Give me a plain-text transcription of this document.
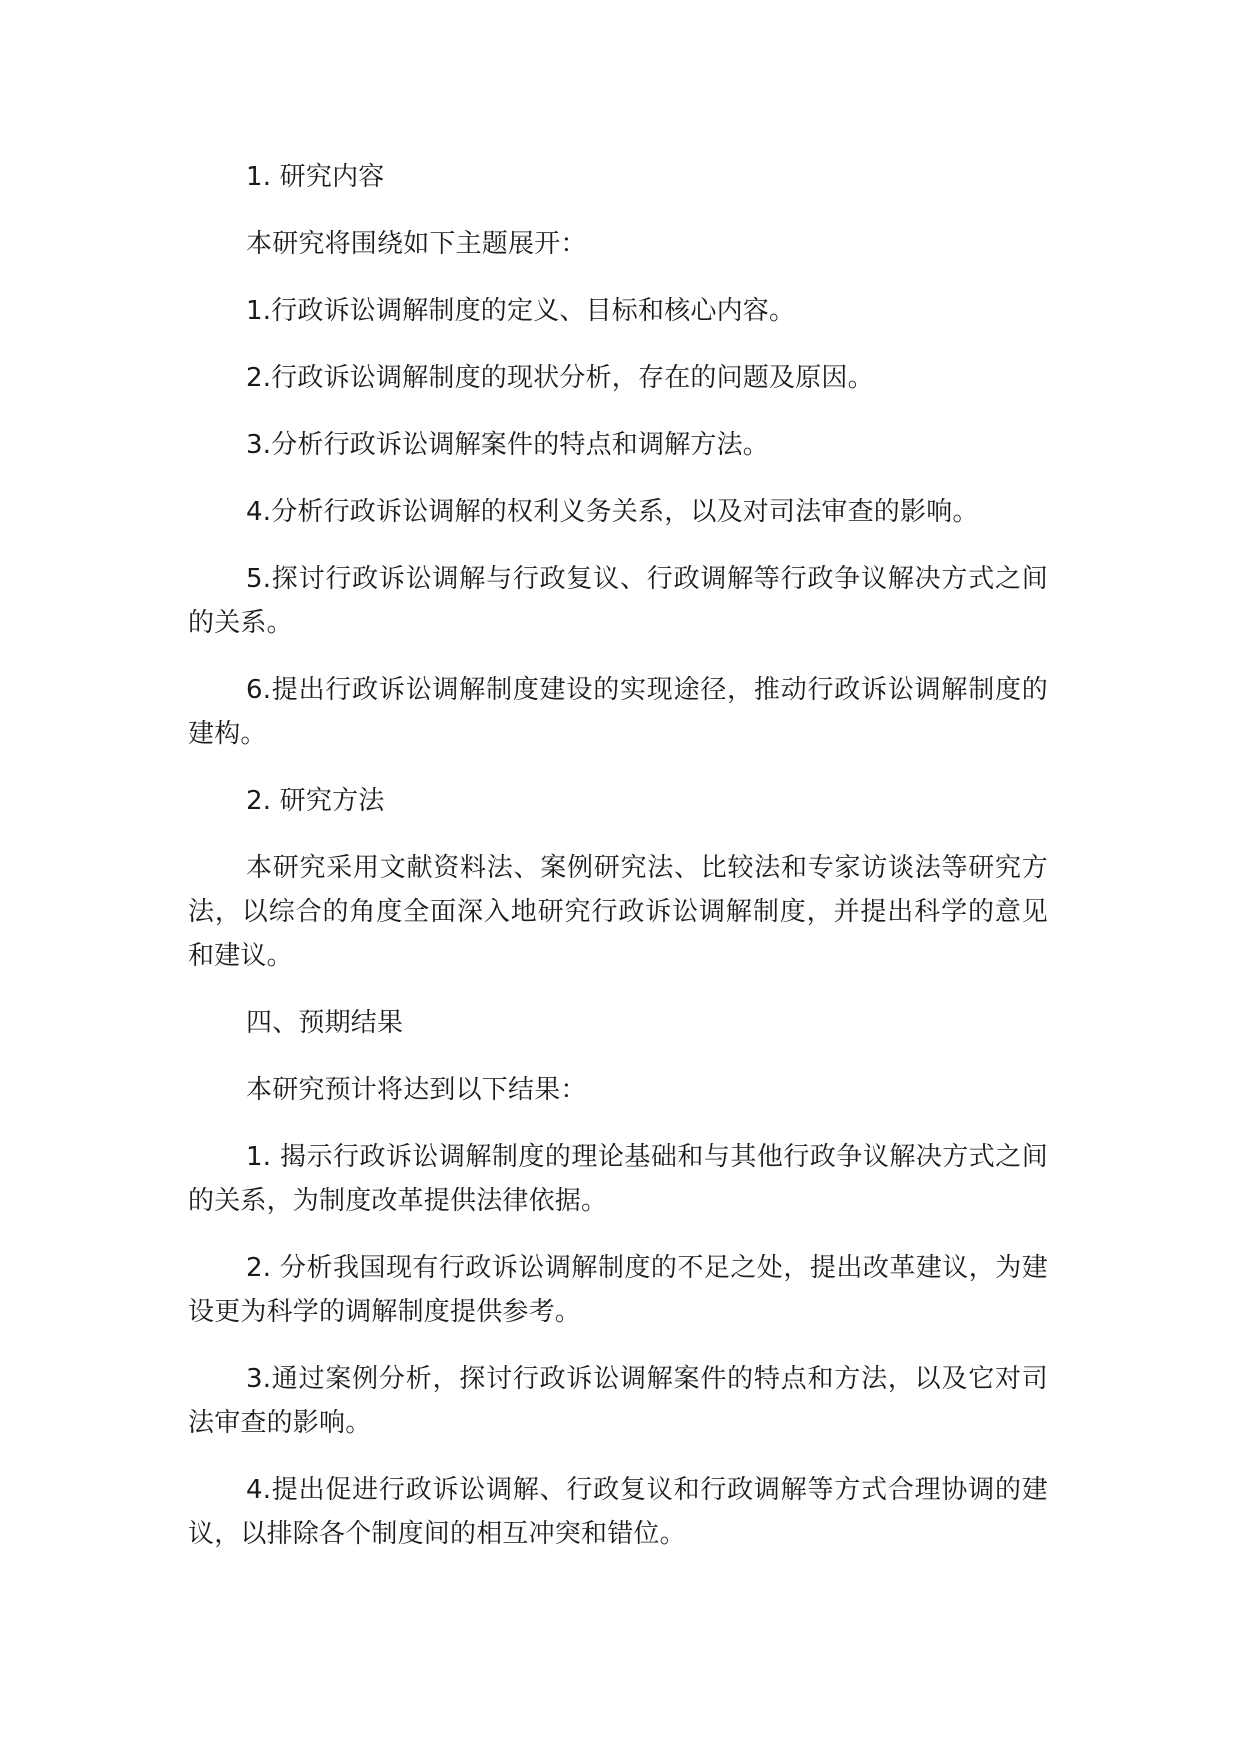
1. 研究内容

本研究将围绕如下主题展开：

1.行政诉讼调解制度的定义、目标和核心内容。

2.行政诉讼调解制度的现状分析，存在的问题及原因。

3.分析行政诉讼调解案件的特点和调解方法。

4.分析行政诉讼调解的权利义务关系，以及对司法审查的影响。

5.探讨行政诉讼调解与行政复议、行政调解等行政争议解决方式之间的关系。

6.提出行政诉讼调解制度建设的实现途径，推动行政诉讼调解制度的建构。

2. 研究方法

本研究采用文献资料法、案例研究法、比较法和专家访谈法等研究方法，以综合的角度全面深入地研究行政诉讼调解制度，并提出科学的意见和建议。

四、预期结果

本研究预计将达到以下结果：

1. 揭示行政诉讼调解制度的理论基础和与其他行政争议解决方式之间的关系，为制度改革提供法律依据。

2. 分析我国现有行政诉讼调解制度的不足之处，提出改革建议，为建设更为科学的调解制度提供参考。

3.通过案例分析，探讨行政诉讼调解案件的特点和方法，以及它对司法审查的影响。

4.提出促进行政诉讼调解、行政复议和行政调解等方式合理协调的建议，以排除各个制度间的相互冲突和错位。
